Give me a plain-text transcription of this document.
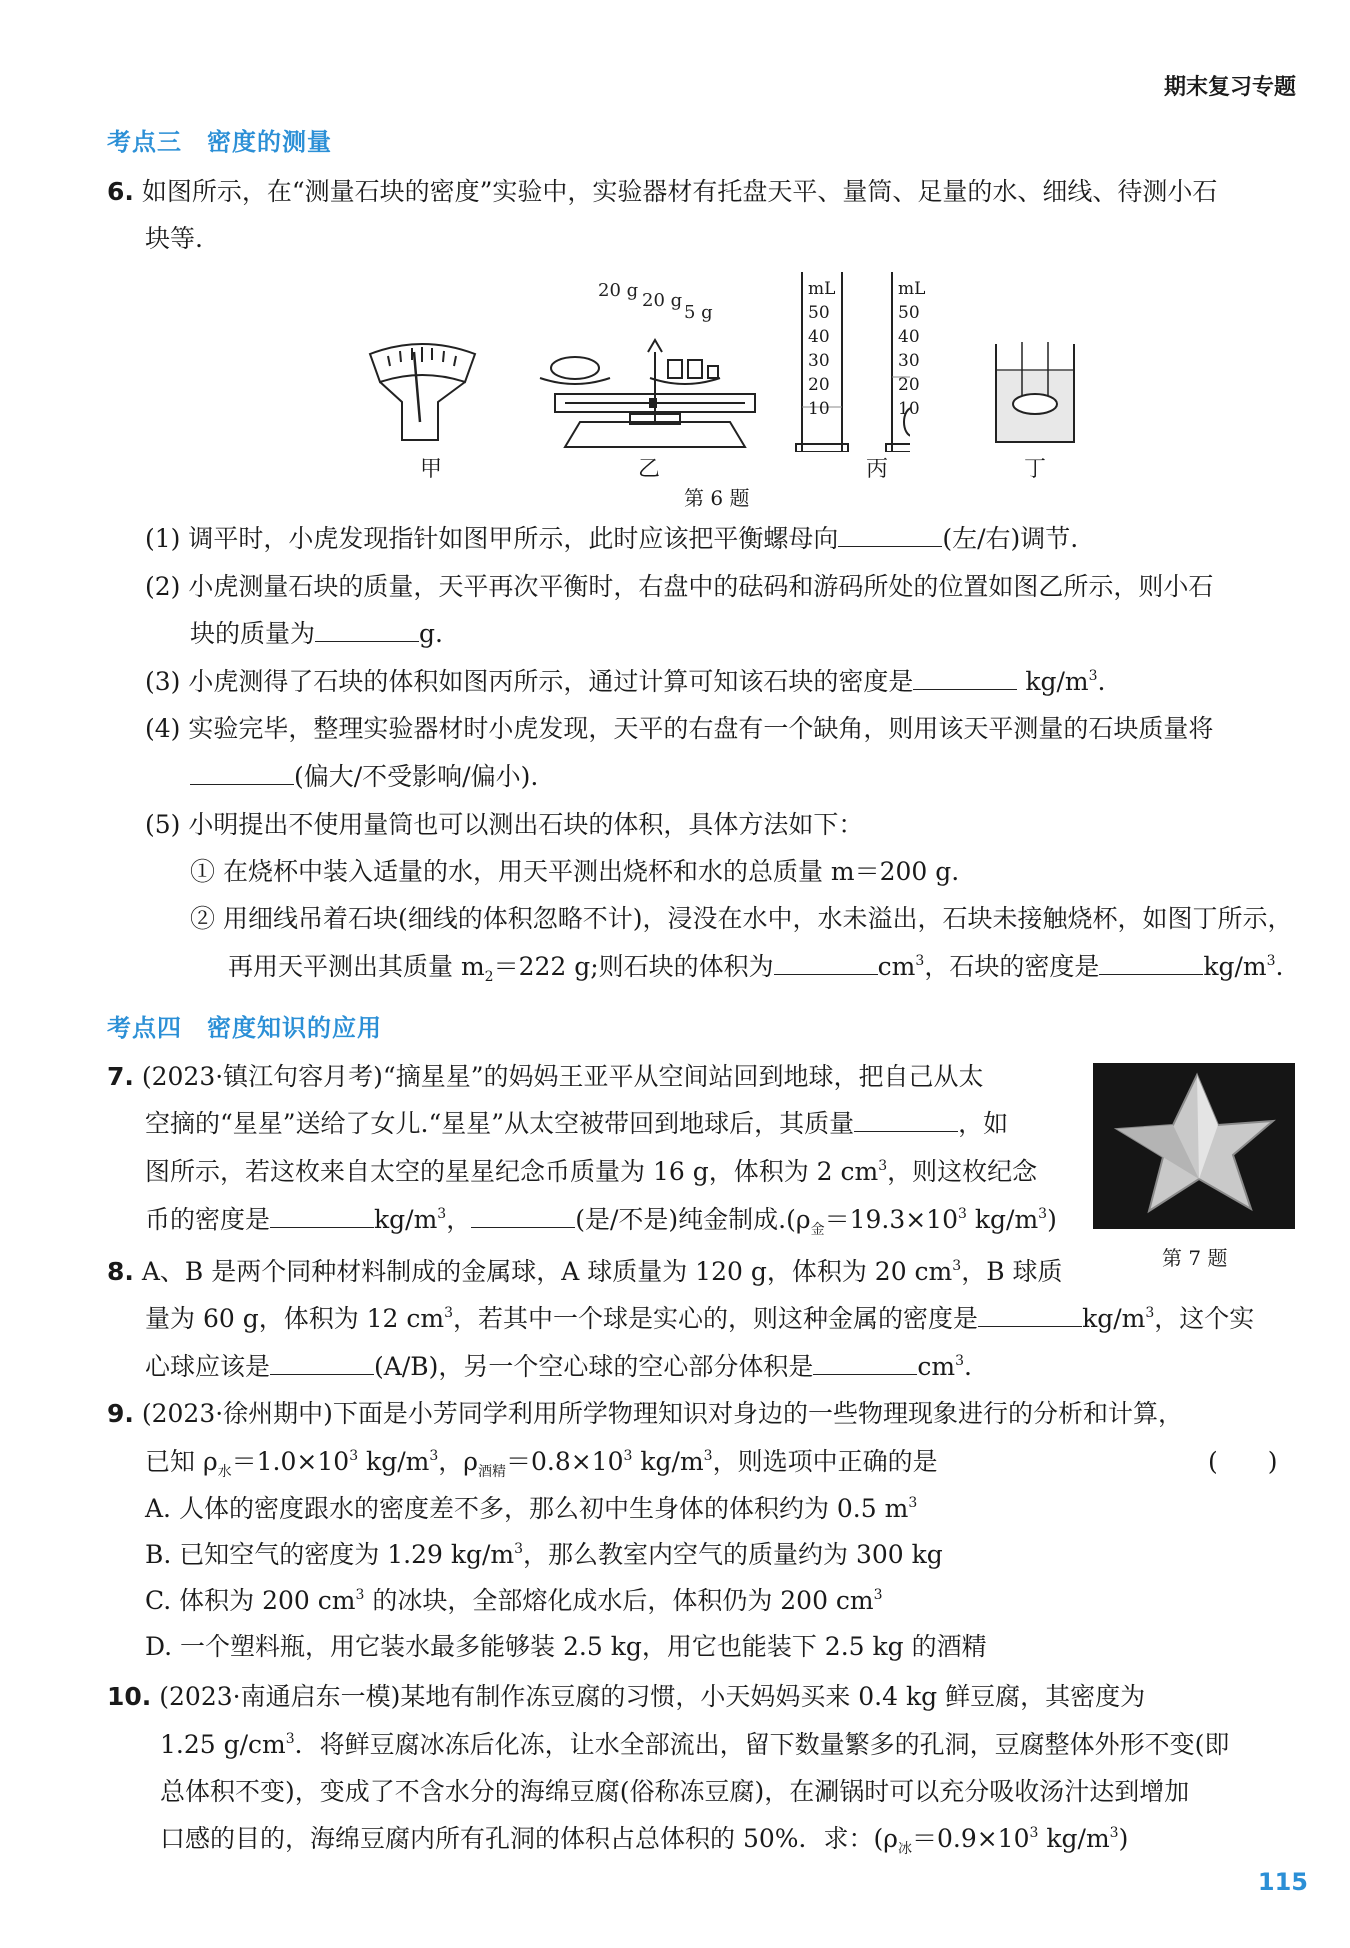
期末复习专题
考点三　密度的测量
6. 如图所示，在“测量石块的密度”实验中，实验器材有托盘天平、量筒、足量的水、细线、待测小石
块等.
20 g 20 g
5 g
mL
50
40
30
20
10
mL
50
40
30
20
10
甲	乙	丙	丁
第 6 题
(1) 调平时，小虎发现指针如图甲所示，此时应该把平衡螺母向	(左/右)调节.
(2) 小虎测量石块的质量，天平再次平衡时，右盘中的砝码和游码所处的位置如图乙所示，则小石
块的质量为	g.
(3) 小虎测得了石块的体积如图丙所示，通过计算可知该石块的密度是	$kg/m^3$.
(4) 实验完毕，整理实验器材时小虎发现，天平的右盘有一个缺角，则用该天平测量的石块质量将
(偏大/不受影响/偏小).
(5) 小明提出不使用量筒也可以测出石块的体积，具体方法如下：
① 在烧杯中装入适量的水，用天平测出烧杯和水的总质量 m＝200 g.
② 用细线吊着石块(细线的体积忽略不计)，浸没在水中，水未溢出，石块未接触烧杯，如图丁所示，
再用天平测出其质量 $m_2=222$ g;则石块的体积为	$cm^3$，石块的密度是	$kg/m^3$.
考点四　密度知识的应用
7. (2023·镇江句容月考)“摘星星”的妈妈王亚平从空间站回到地球，把自己从太
空摘的“星星”送给了女儿.“星星”从太空被带回到地球后，其质量	，如
图所示，若这枚来自太空的星星纪念币质量为 16 g，体积为 2 $cm^3$，则这枚纪念
币的密度是	$kg/m^3$，	(是/不是)纯金制成$.(\rho_金=19.3\times 10^3$ $kg/m^3$)
第 7 题
8. A、B 是两个同种材料制成的金属球，A 球质量为 120 g，体积为 20 $cm^3$，B 球质
量为 60 g，体积为 12 $cm^3$，若其中一个球是实心的，则这种金属的密度是	$kg/m^3$，这个实
心球应该是	(A/B)，另一个空心球的空心部分体积是	$cm^3$.
9. (2023·徐州期中)下面是小芳同学利用所学物理知识对身边的一些物理现象进行的分析和计算，
已知 $\rho_水=1.0\times 10^3$ $kg/m^3$，$\rho_{酒精}=0.8\times 10^3$ $kg/m^3$，则选项中正确的是	(　　)
A. 人体的密度跟水的密度差不多，那么初中生身体的体积约为 0.5 $m^3$
B. 已知空气的密度为 1.29 $kg/m^3$，那么教室内空气的质量约为 300 kg
C. 体积为 200 $cm^3$ 的冰块，全部熔化成水后，体积仍为 200 $cm^3$
D. 一个塑料瓶，用它装水最多能够装 2.5 kg，用它也能装下 2.5 kg 的酒精
10. (2023·南通启东一模)某地有制作冻豆腐的习惯，小天妈妈买来 0.4 kg 鲜豆腐，其密度为
1.25 $g/cm^3$．将鲜豆腐冰冻后化冻，让水全部流出，留下数量繁多的孔洞，豆腐整体外形不变(即
总体积不变)，变成了不含水分的海绵豆腐(俗称冻豆腐)，在涮锅时可以充分吸收汤汁达到增加
口感的目的，海绵豆腐内所有孔洞的体积占总体积的 50%．求：($\rho_冰=0.9\times 10^3$ $kg/m^3$)
115
